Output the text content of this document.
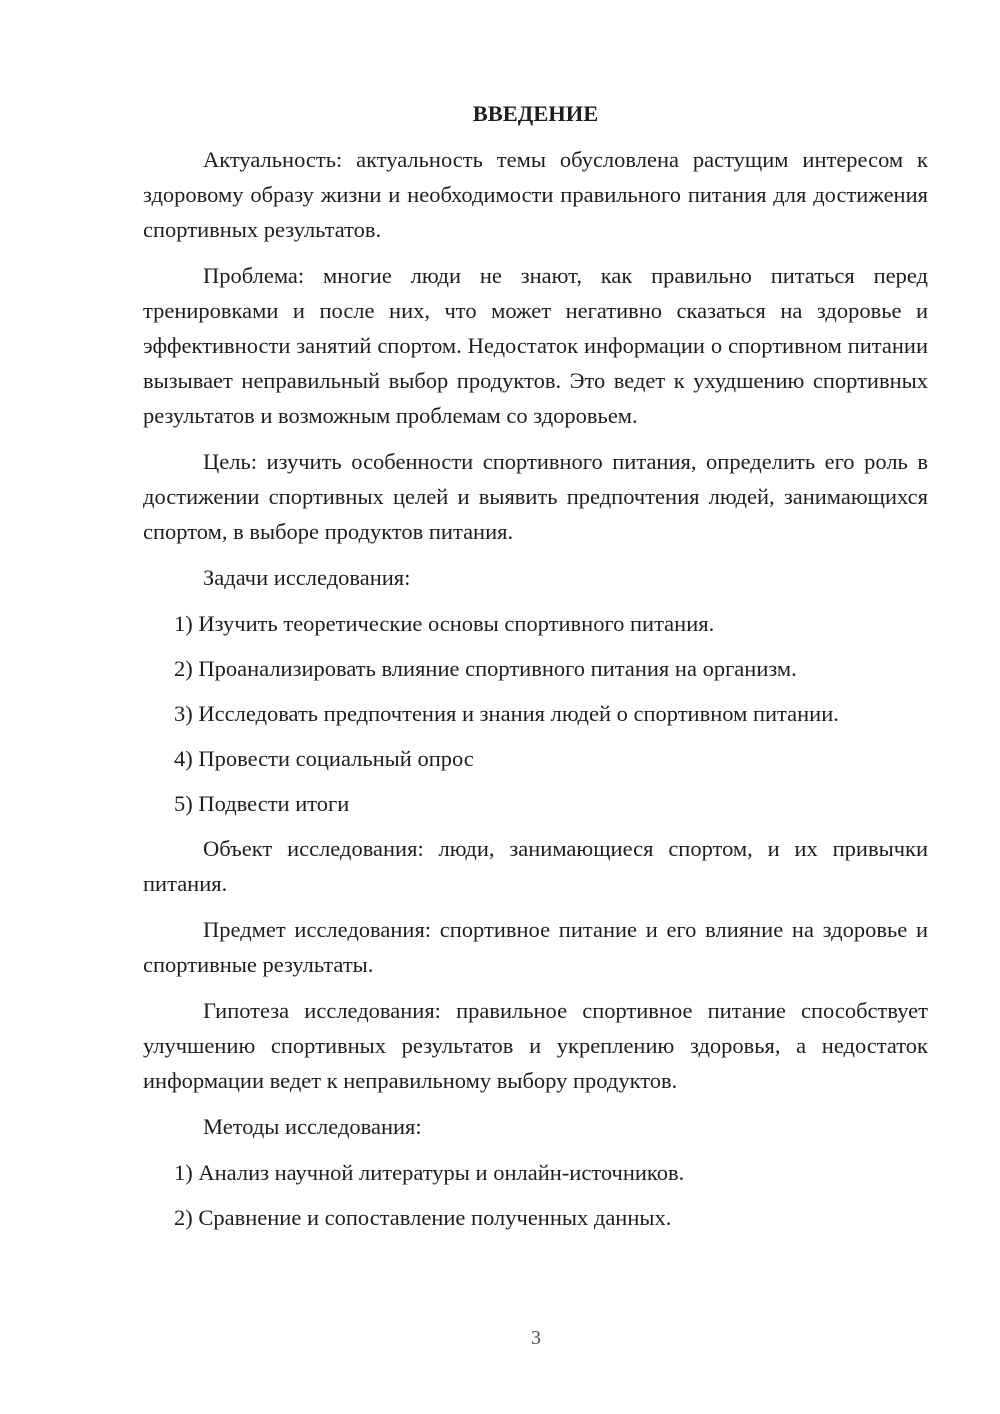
ВВЕДЕНИЕ

Актуальность: актуальность темы обусловлена растущим интересом к здоровому образу жизни и необходимости правильного питания для достижения спортивных результатов.

Проблема: многие люди не знают, как правильно питаться перед тренировками и после них, что может негативно сказаться на здоровье и эффективности занятий спортом. Недостаток информации о спортивном питании вызывает неправильный выбор продуктов. Это ведет к ухудшению спортивных результатов и возможным проблемам со здоровьем.

Цель: изучить особенности спортивного питания, определить его роль в достижении спортивных целей и выявить предпочтения людей, занимающихся спортом, в выборе продуктов питания.

Задачи исследования:

1) Изучить теоретические основы спортивного питания.

2) Проанализировать влияние спортивного питания на организм.

3) Исследовать предпочтения и знания людей о спортивном питании.

4) Провести социальный опрос

5) Подвести итоги

Объект исследования: люди, занимающиеся спортом, и их привычки питания.

Предмет исследования: спортивное питание и его влияние на здоровье и спортивные результаты.

Гипотеза исследования: правильное спортивное питание способствует улучшению спортивных результатов и укреплению здоровья, а недостаток информации ведет к неправильному выбору продуктов.

Методы исследования:

1) Анализ научной литературы и онлайн-источников.

2) Сравнение и сопоставление полученных данных.

3
